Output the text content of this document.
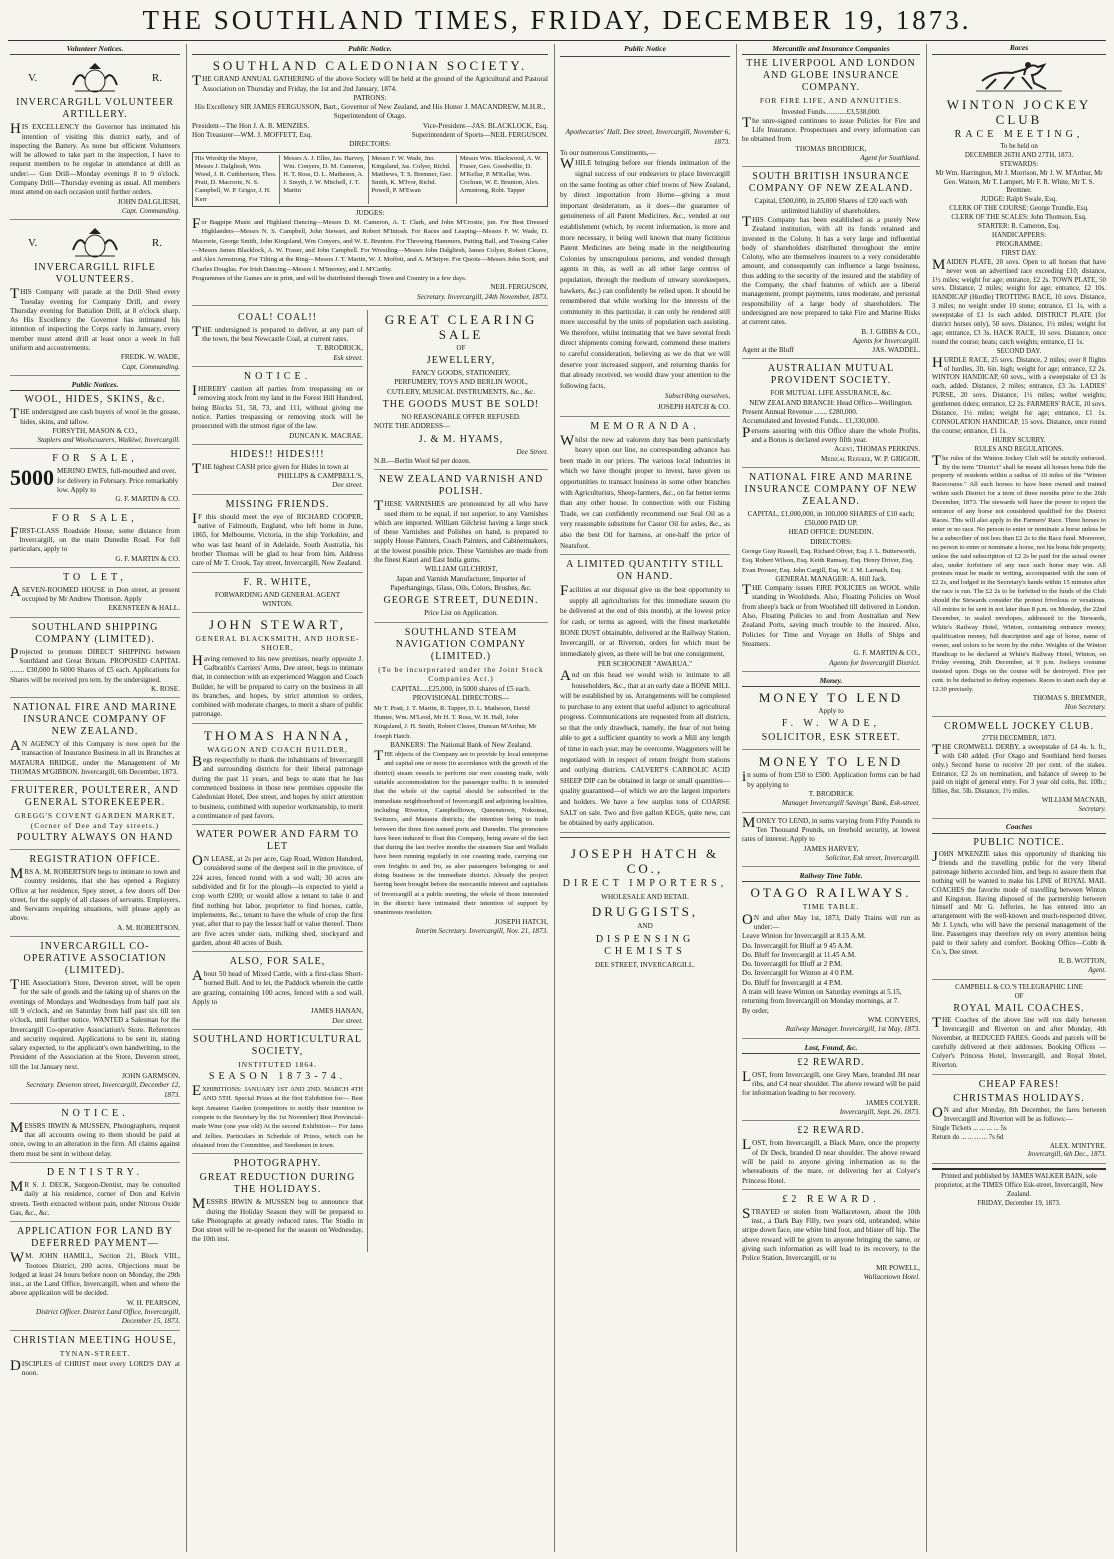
THE SOUTHLAND TIMES, FRIDAY, DECEMBER 19, 1873.
Volunteer Notices.
V.	R.
INVERCARGILL VOLUNTEER ARTILLERY.
HIS EXCELLENCY the Governor has intimated his intention of visiting this district early, and of inspecting the Battery. As none but efficient Volunteers will be allowed to take part in the inspection, I have to request members to be regular in attendance at drill as under:— Gun Drill—Monday evenings 8 to 9 o'clock. Company Drill—Thursday evening as usual. All members must attend on each occasion until further orders.
JOHN DALGLIESH,
Capt. Commanding.
V.	R.
INVERCARGILL RIFLE VOLUNTEERS.
THIS Company will parade at the Drill Shed every Tuesday evening for Company Drill, and every Thursday evening for Battalion Drill, at 8 o'clock sharp. As His Excellency the Governor has intimated his intention of inspecting the Corps early in January, every member must attend drill at least once a week in full uniform and accoutrements.
FREDK. W. WADE,
Capt. Commanding.
Public Notices.
WOOL, HIDES, SKINS, &c.
THE undersigned are cash buyers of wool in the grease, hides, skins, and tallow.
FORSYTH, MASON & CO.,
Staplers and Woolscourers, Waikiwi, Invercargill.
FOR SALE,
5000 MERINO EWES, full-mouthed and over, for delivery in February. Price remarkably low. Apply to
G. F. MARTIN & CO.
FOR SALE,
FIRST-CLASS Roadside House, some distance from Invercargill, on the main Dunedin Road. For full particulars, apply to
G. F. MARTIN & CO.
TO LET,
ASEVEN-ROOMED HOUSE in Don street, at present occupied by Mr Andrew Thomson. Apply
EKENSTEEN & HALL.
SOUTHLAND SHIPPING COMPANY (LIMITED).
Projected to promote DIRECT SHIPPING between Southland and Great Britain. PROPOSED CAPITAL ........ £30,000 In 6000 Shares of £5 each. Applications for Shares will be received pro tem. by the undersigned.
K. ROSE.
NATIONAL FIRE AND MARINE INSURANCE COMPANY OF NEW ZEALAND.
AN AGENCY of this Company is now open for the transaction of Insurance Business in all its Branches at MATAURA BRIDGE, under the Management of Mr THOMAS M'GIBBON. Invercargill, 6th December, 1873.
FRUITERER, POULTERER, AND GENERAL STOREKEEPER.
GREGG'S COVENT GARDEN MARKET, (Corner of Dee and Tay streets.)
POULTRY ALWAYS ON HAND
REGISTRATION OFFICE.
MRS A. M. ROBERTSON begs to intimate to town and country residents, that she has opened a Registry Office at her residence, Spey street, a few doors off Dee street, for the supply of all classes of servants. Employers, and Servants requiring situations, will please apply as above.
A. M. ROBERTSON.
INVERCARGILL CO-OPERATIVE ASSOCIATION (LIMITED).
THE Association's Store, Deveron street, will be open for the sale of goods and the taking up of shares on the evenings of Mondays and Wednesdays from half past six till 9 o'clock, and on Saturday from half past six till ten o'clock, until further notice. WANTED a Salesman for the Invercargill Co-operative Association's Store. References and security required. Applications to be sent in, stating salary expected, to the applicant's own handwriting, to the President of the Association at the Store, Deveron street, till the 1st January next.
JOHN GARMSON,
Secretary. Deveron street, Invercargill, December 12, 1873.
NOTICE.
MESSRS IRWIN & MUSSEN, Photographers, request that all accounts owing to them should be paid at once, owing to an alteration in the firm. All claims against them must be sent in without delay.
DENTISTRY.
MR S. J. DECK, Surgeon-Dentist, may be consulted daily at his residence, corner of Don and Kelvin streets. Teeth extracted without pain, under Nitrous Oxide Gas, &c., &c.
APPLICATION FOR LAND BY DEFERRED PAYMENT—
WM. JOHN HAMILL, Section 21, Block VIII., Tootoes District, 200 acres. Objections must be lodged at least 24 hours before noon on Monday, the 29th inst., at the Land Office, Invercargill, when and where the above application will be decided.
W. H. PEARSON,
District Officer. District Land Office, Invercargill, December 15, 1873.
CHRISTIAN MEETING HOUSE,
TYNAN-STREET.
DISCIPLES of CHRIST meet every LORD'S DAY at noon.
Public Notice.
SOUTHLAND CALEDONIAN SOCIETY.
THE GRAND ANNUAL GATHERING of the above Society will be held at the ground of the Agricultural and Pastoral Association on Thursday and Friday, the 1st and 2nd January, 1874.
PATRONS:
His Excellency SIR JAMES FERGUSSON, Bart., Governor of New Zealand, and His Honor J. MACANDREW, M.H.R., Superintendent of Otago.
President—The Hon J. A. R. MENZIES.	Vice-President—JAS. BLACKLOCK, Esq.
Hon Treasurer—WM. J. MOFFETT, Esq.	Superintendent of Sports—NEIL FERGUSON.
DIRECTORS:
His Worship the Mayor, Messrs J. Dalgliesh, Wm. Wood, J. R. Cuthbertson, Thos. Pratt, D. Macrorie, N. S. Campbell, W. P. Grigor, J. H. Kerr
Messrs A. J. Elles, Jas. Harvey, Wm. Conyers, D. M. Cameron, H. T. Ross, D. L. Matheson, A. J. Smyth, J. W. Mitchell, J. T. Martin
Messrs F. W. Wade, Jno. Kingsland, Jas. Colyer, Richd. Matthews, T. S. Bremner, Geo. Smith, K. M'Ivor, Richd. Powell, P. M'Ewan
Messrs Wm. Blackwood, A. W. Fraser, Geo. Goodwillie, D. M'Kellar, P. M'Kellar, Wm. Cochran, W. E. Brunton, Alex. Armstrong, Robt. Tapper
JUDGES:
For Bagpipe Music and Highland Dancing—Messrs D. M. Cameron, A. T. Clark, and John M'Crostie, jun. For Best Dressed Highlanders—Messrs N. S. Campbell, John Stewart, and Robert M'Intosh. For Races and Leaping—Messrs F. W. Wade, D. Macrorie, George Smith, John Kingsland, Wm Conyers, and W. E. Brunton. For Throwing Hammers, Putting Ball, and Tossing Caber—Messrs James Blacklock, A. W. Fraser, and John Campbell. For Wrestling—Messrs John Dalgliesh, James Colyer, Robert Cleave, and Alex Armstrong. For Tilting at the Ring—Messrs J. T. Martin, W. J. Moffett, and A. M'Intyre. For Quoits—Messrs John Scott, and Charles Douglas. For Irish Dancing—Messrs J. M'Inerney, and J. M'Carthy.
Programmes of the Games are in print, and will be distributed through Town and Country in a few days.
NEIL FERGUSON,
Secretary. Invercargill, 24th November, 1873.
COAL! COAL!!
THE undersigned is prepared to deliver, at any part of the town, the best Newcastle Coal, at current rates.
T. BRODRICK,
Esk street.
NOTICE.
IHEREBY caution all parties from trespassing on or removing stock from my land in the Forest Hill Hundred, being Blocks 51, 58, 73, and 111, without giving me notice. Parties trespassing or removing stock will be prosecuted with the utmost rigor of the law.
DUNCAN K. MACRAE.
HIDES!! HIDES!!!
THE highest CASH price given for Hides in town at
PHILLIPS & CAMPBELL'S,
Dee street.
MISSING FRIENDS.
IF this should meet the eye of RICHARD COOPER, native of Falmouth, England, who left home in June, 1865, for Melbourne, Victoria, in the ship Yorkshire, and who was last heard of in Adelaide, South Australia, his brother Thomas will be glad to hear from him. Address care of Mr T. Crook, Tay street, Invercargill, New Zealand.
F. R. WHITE,
FORWARDING AND GENERAL AGENT
WINTON.
JOHN STEWART,
GENERAL BLACKSMITH, AND HORSE-SHOER,
Having removed to his new premises, nearly opposite J. Galbraith's Carriers' Arms, Dee street, begs to intimate that, in connection with an experienced Waggon and Coach Builder, he will be prepared to carry on the business in all its branches, and hopes, by strict attention to orders, combined with moderate charges, to merit a share of public patronage.
THOMAS HANNA,
WAGGON AND COACH BUILDER,
Begs respectfully to thank the inhabitants of Invercargill and surrounding districts for their liberal patronage during the past 11 years, and begs to state that he has commenced business in those new premises opposite the Caledonian Hotel, Dee street, and hopes by strict attention to business, combined with superior workmanship, to merit a continuance of past favors.
WATER POWER AND FARM TO LET
ON LEASE, at 2s per acre, Gap Road, Winton Hundred, considered some of the deepest soil in the province, of 224 acres, fenced round with a sod wall; 30 acres are subdivided and fit for the plough—is expected to yield a crop worth £200; or would allow a tenant to take it and find nothing but labor, proprietor to find horses, cattle, implements, &c., tenant to have the whole of crop the first year, after that to pay the lessor half or value thereof. There are five acres under oats, milking shed, stockyard and garden, about 40 acres of Bush.
ALSO, FOR SALE,
About 50 head of Mixed Cattle, with a first-class Short-horned Bull. And to let, the Paddock wherein the cattle are grazing, containing 100 acres, fenced with a sod wall. Apply to
JAMES HANAN,
Dee street.
SOUTHLAND HORTICULTURAL SOCIETY,
INSTITUTED 1864.
SEASON 1873-74.
EXHIBITIONS: JANUARY 1ST AND 2ND. MARCH 4TH AND 5TH. Special Prizes at the first Exhibition for— Best kept Amateur Garden (competitors to notify their intention to compete to the Secretary by the 1st November) Best Provincial-made Wine (one year old) At the second Exhibition— For Jams and Jellies. Particulars in Schedule of Prizes, which can be obtained from the Committee, and Seedsmen in town.
PHOTOGRAPHY.
GREAT REDUCTION DURING THE HOLIDAYS.
MESSRS IRWIN & MUSSEN beg to announce that during the Holiday Season they will be prepared to take Photographs at greatly reduced rates. The Studio in Don street will be re-opened for the season on Wednesday, the 10th inst.
GREAT CLEARING SALE
OF
JEWELLERY,
FANCY GOODS, STATIONERY,
PERFUMERY, TOYS AND BERLIN WOOL,
CUTLERY, MUSICAL INSTRUMENTS, &c., &c.
THE GOODS MUST BE SOLD!
NO REASONABLE OFFER REFUSED.
NOTE THE ADDRESS—
J. & M. HYAMS,
Dee Street.
N.B.—Berlin Wool 6d per dozen.
NEW ZEALAND VARNISH AND POLISH.
THESE VARNISHES are pronounced by all who have used them to be equal, if not superior, to any Varnishes which are imported. William Gilchrist having a large stock of these Varnishes and Polishes on hand, is prepared to supply House Painters, Coach Painters, and Cabinetmakers, at the lowest possible price. These Varnishes are made from the finest Kauri and East India gums.
WILLIAM GILCHRIST,
Japan and Varnish Manufacturer, Importer of Paperhangings, Glass, Oils, Colors, Brushes, &c.
GEORGE STREET, DUNEDIN.
Price List on Application.
SOUTHLAND STEAM NAVIGATION COMPANY (LIMITED.)
(To be incorporated under the Joint Stock Companies Act.)
CAPITAL....£25,000, in 5000 shares of £5 each.
PROVISIONAL DIRECTORS—
Mr T. Pratt, J. T. Martin, R. Tapper, D. L. Matheson, David Hunter, Wm. M'Leod, Mr H. T. Ross, W. H. Hall, John Kingsland, J. H. Smith, Robert Cleave, Duncan M'Arthur, Mr Joseph Hatch.
BANKERS: The National Bank of New Zealand.
THE objects of the Company are to provide by local enterprise and capital one or more (in accordance with the growth of the district) steam vessels to perform our own coasting trade, with suitable accommodation for the passenger traffic. It is intended that the whole of the capital should be subscribed in the immediate neighbourhood of Invercargill and adjoining localities, including Riverton, Campbelltown, Queenstown, Nokomai, Switzers, and Mataura districts; the intention being to trade between the three first named ports and Dunedin. The promoters have been induced to float this Company, being aware of the fact that during the last twelve months the steamers Star and Wallabi have been running regularly in our coasting trade, carrying our own freights to and fro, as also passengers belonging to and doing business in the immediate district. Already the project having been brought before the mercantile interest and capitalists of Invercargill at a public meeting, the whole of those interested in the district have intimated their intention of support by unanimous resolution.
JOSEPH HATCH,
Interim Secretary. Invercargill, Nov. 21, 1873.
Public Notice
Apothecaries' Hall, Dee street, Invercargill, November 6, 1873.
To our numerous Constituents,—
WHILE bringing before our friends intimation of the signal success of our endeavors to place Invercargill on the same footing as other chief towns of New Zealand, by direct importation from Home—giving a most important desideratum, as it does—the guarantee of genuineness of all Patent Medicines, &c., vended at our establishment (which, by recent information, is more and more necessary, it being well known that many fictitious Patent Medicines are being made in the neighbouring Colonies by unscrupulous persons, and vended through agents in this, as well as all other large centres of population, through the medium of unwary storekeepers, hawkers, &c.) can confidently be relied upon. It should be remembered that while working for the interests of the community in this particular, it can only be rendered still more successful by the units of population each assisting. We therefore, whilst intimating that we have several fresh direct shipments coming forward, commend these matters to careful consideration, believing as we do that we will deserve your increased support, and returning thanks for that already received, we would draw your attention to the following facts,
Subscribing ourselves,
JOSEPH HATCH & CO.
MEMORANDA.
Whilst the new ad valorem duty has been particularly heavy upon our line, no corresponding advance has been made in our prices. The various local industries in which we have thought proper to invest, have given us opportunities to transact business in some other branches with Agriculturists, Sheep-farmers, &c., on far better terms than any other house. In connection with our Fishing Trade, we can confidently recommend our Seal Oil as a very reasonable substitute for Castor Oil for axles, &c., as also the best Oil for harness, at one-half the price of Neatsfoot.
A LIMITED QUANTITY STILL ON HAND.
Facilities at our disposal give us the best opportunity to supply all agriculturists for this immediate season (to be delivered at the end of this month), at the lowest price for cash, or terms as agreed, with the finest marketable BONE DUST obtainable, delivered at the Railway Station, Invercargill, or at Riverton, orders for which must be immediately given, as there will be but one consignment,
PER SCHOONER "AWARUA."
And on this head we would wish to intimate to all householders, &c., that at an early date a BONE MILL will be established by us. Arrangements will be completed to purchase to any extent that useful adjunct to agricultural progress. Communications are requested from all districts, so that the only drawback, namely, the fear of not being able to get a sufficient quantity to work a Mill any length of time in each year, may be overcome. Waggoners will be negotiated with in respect of return freight from stations and outlying districts. CALVERT'S CARBOLIC ACID SHEEP DIP can be obtained in large or small quantities—quality guaranteed—of which we are the largest importers and holders. We have a few surplus tons of COARSE SALT on sale. Two and five gallon KEGS, quite new, can be obtained by early application.
JOSEPH HATCH & CO.,
DIRECT IMPORTERS,
WHOLESALE AND RETAIL
DRUGGISTS,
AND
DISPENSING CHEMISTS
DEE STREET, INVERCARGILL.
Mercantile and Insurance Companies
THE LIVERPOOL AND LONDON AND GLOBE INSURANCE COMPANY.
FOR FIRE LIFE, AND ANNUITIES.
Invested Funds............£3,538,000.
The unre-signed continues to issue Policies for Fire and Life Insurance. Prospectuses and every information can be obtained from
THOMAS BRODRICK,
Agent for Southland.
SOUTH BRITISH INSURANCE COMPANY OF NEW ZEALAND.
Capital, £500,000, in 25,000 Shares of £20 each with unlimited liability of shareholders.
THIS Company has been established as a purely New Zealand institution, with all its funds retained and invested in the Colony. It has a very large and influential body of shareholders distributed throughout the entire Colony, who are themselves insurers to a very considerable amount, and consequently can influence a large business, thus adding to the security of the insured and the stability of the Company, the chief features of which are a liberal management, prompt payments, rates moderate, and personal responsibility of a large body of shareholders. The undersigned are now prepared to take Fire and Marine Risks at current rates.
B. J. GIBBS & CO.,
Agents for Invercargill.
Agent at the Bluff	JAS. WADDEL.
AUSTRALIAN MUTUAL PROVIDENT SOCIETY.
FOR MUTUAL LIFE ASSURANCE, &c.
NEW ZEALAND BRANCH: Head Office—Wellington.
Present Annual Revenue ....... £280,000.
Accumulated and Invested Funds... £1,330,000.
Persons assuring with this Office share the whole Profits, and a Bonus is declared every fifth year.
Agent, THOMAS PERKINS.
Medical Referee, W. P. GRIGOR.
NATIONAL FIRE AND MARINE INSURANCE COMPANY OF NEW ZEALAND.
CAPITAL, £1,000,000, in 100,000 SHARES of £10 each; £50,000 PAID UP.
HEAD OFFICE: DUNEDIN.
DIRECTORS:
George Gray Russell, Esq. Richard Oliver, Esq. J. L. Butterworth, Esq. Robert Wilson, Esq. Keith Ramsay, Esq. Henry Driver, Esq. Evan Prosser, Esq. John Cargill, Esq. W. J. M. Larnach, Esq.
GENERAL MANAGER: A. Hill Jack.
THE Company issues FIRE POLICIES on WOOL while standing in Woolsheds. Also, Floating Policies on Wool from sheep's back or from Woolshed till delivered in London. Also, Floating Policies to and from Australian and New Zealand Ports, saving much trouble to the insured. Also, Policies for Time and Voyage on Hulls of Ships and Steamers.
G. F. MARTIN & CO.,
Agents for Invercargill District.
Money.
MONEY TO LEND
Apply to
F. W. WADE,
SOLICITOR, ESK STREET.
MONEY TO LEND
in sums of from £50 to £500. Application forms can be had by applying to
T. BRODRICK
Manager Invercargill Savings' Bank, Esk-street.
MONEY TO LEND, in sums varying from Fifty Pounds to Ten Thousand Pounds, on freehold security, at lowest rates of interest. Apply to
JAMES HARVEY,
Solicitor, Esk street, Invercargill.
Railway Time Table.
OTAGO RAILWAYS.
TIME TABLE.
ON and after May 1st, 1873, Daily Trains will run as under:—
Leave Winton for Invercargill at 8.15 A.M.
Do. Invercargill for Bluff at 9 45 A.M.
Do. Bluff for Invercargill at 11.45 A.M.
Do. Invercargill for Bluff at 2 P.M.
Do. Invercargill for Winton at 4 0 P.M.
Do. Bluff for Invercargill at 4 P.M.
A train will leave Winton on Saturday evenings at 5.15, returning from Invercargill on Monday mornings, at 7.
By order,
WM. CONYERS,
Railway Manager. Invercargill, 1st May, 1873.
Lost, Found, &c.
£2 REWARD.
LOST, from Invercargill, one Grey Mare, branded JH near ribs, and C4 near shoulder. The above reward will be paid for information leading to her recovery.
JAMES COLYER.
Invercargill, Sept. 26, 1873.
£2 REWARD.
LOST, from Invercargill, a Black Mare, once the property of Dr Deck, branded D near shoulder. The above reward will be paid to anyone giving information as to the whereabouts of the mare, or delivering her at Colyer's Princess Hotel.
£2 REWARD.
STRAYED or stolen from Wallacetown, about the 10th inst., a Dark Bay Filly, two years old, unbranded, white stripe down face, one white hind foot, and blister off hip. The above reward will be given to anyone bringing the same, or giving such information as will lead to its recovery, to the Police Station, Invercargill, or to
MR POWELL,
Wallacetown Hotel.
Races
WINTON JOCKEY CLUB
RACE MEETING,
To be held on
DECEMBER 26TH AND 27TH, 1873.
STEWARDS:
Mr Wm. Harrington, Mr J. Morrison, Mr J. W. M'Arthur, Mr Geo. Watson, Mr T. Lampert, Mr F. R. White, Mr T. S. Bremner.
JUDGE: Ralph Swale, Esq.
CLERK OF THE COURSE: George Trundle, Esq.
CLERK OF THE SCALES: John Thomson, Esq.
STARTER: R. Cameron, Esq.
HANDICAPPERS:
PROGRAMME:
FIRST DAY.
MAIDEN PLATE, 20 sovs. Open to all horses that have never won an advertised race exceeding £10; distance, 1½ miles; weight for age; entrance, £2 2s. TOWN PLATE, 50 sovs. Distance, 2 miles; weight for age; entrance, £2 10s. HANDICAP (Hurdle) TROTTING RACE, 10 sovs. Distance, 3 miles; no weight under 10 stone; entrance, £1 1s, with a sweepstake of £1 1s each added. DISTRICT PLATE (for district horses only), 50 sovs. Distance, 1½ miles; weight for age; entrance, £3 3s. HACK RACE, 10 sovs. Distance, once round the course; heats; catch weights; entrance, £1 1s.
SECOND DAY.
HURDLE RACE, 25 sovs. Distance, 2 miles; over 8 flights of hurdles, 3ft. 6in. high; weight for age; entrance, £2 2s. WINTON HANDICAP, 60 sovs., with a sweepstake of £3 3s each, added. Distance, 2 miles; entrance, £3 3s. LADIES' PURSE, 20 sovs. Distance, 1½ miles; welter weights; gentlemen riders; entrance, £2 2s. FARMERS' RACE, 10 sovs. Distance, 1½ miles; weight for age; entrance, £1 1s. CONSOLATION HANDICAP, 15 sovs. Distance, once round the course; entrance, £1 1s.
HURRY SCURRY.
RULES AND REGULATIONS.
The rules of the Winton Jockey Club will be strictly enforced. By the term "District" shall be meant all horses bona fide the property of residents within a radius of 10 miles of the "Winton Racecourse." All such horses to have been owned and trained within such District for a term of three months prior to the 26th December, 1873. The stewards will have the power to reject the entrance of any horse not considered qualified for the District Races. This will also apply to the Farmers' Race. Three horses to enter or no race. No person to enter or nominate a horse unless he be a subscriber of not less than £2 2s to the Race fund. Moreover, no person to enter or nominate a horse, not his bona fide property, unless the said subscription of £2 2s be paid for the actual owner also, under forfeiture of any race such horse may win. All protests must be made in writing, accompanied with the sum of £2 2s, and lodged in the Secretary's hands within 15 minutes after the race is run. The £2 2s to be forfeited to the funds of the Club should the Stewards consider the protest frivolous or vexatious. All entries to be sent in not later than 8 p.m. on Monday, the 22nd December, in sealed envelopes, addressed to the Stewards, White's Railway Hotel, Winton, containing entrance money, qualification money, full description and age of horse, name of owner, and colors to be worn by the rider. Weights of the Winton Handicap to be declared at White's Railway Hotel, Winton, on Friday evening, 26th December, at 9 p.m. Jockeys costume insisted upon. Dogs on the course will be destroyed. Five per cent. to be deducted to defray expenses. Races to start each day at 12.30 precisely.
THOMAS S. BREMNER,
Hon Secretary.
CROMWELL JOCKEY CLUB.
27TH DECEMBER, 1873.
THE CROMWELL DERBY, a sweepstake of £4 4s. h. ft., with £40 added. (For Otago and Southland bred horses only.) Second horse to receive 20 per cent. of the stakes. Entrance, £2 2s on nomination, and balance of sweep to be paid on night of general entry. For 3 year old colts, 8st. 10lb.; fillies, 8st. 5lb. Distance, 1½ miles.
WILLIAM MACNAB,
Secretary.
Coaches
PUBLIC NOTICE.
JOHN M'KENZIE takes this opportunity of thanking his friends and the travelling public for the very liberal patronage hitherto accorded him, and begs to assure them that nothing will be wanted to make his LINE of ROYAL MAIL COACHES the favorite mode of travelling between Winton and Kingston. Having disposed of the partnership between himself and Mr G. Jefferies, he has entered into an arrangement with the well-known and much-respected driver, Mr J. Lynch, who will have the personal management of the line. Passengers may therefore rely on every attention being paid to their safety and comfort. Booking Office—Cobb & Co.'s, Dee street.
R. B. WOTTON,
Agent.
CAMPBELL & CO.'S TELEGRAPHIC LINE
OF
ROYAL MAIL COACHES.
THE Coaches of the above line will run daily between Invercargill and Riverton on and after Monday, 4th November, at REDUCED FARES. Goods and parcels will be carefully delivered at their addresses. Booking Offices — Colyer's Princess Hotel, Invercargill, and Royal Hotel, Riverton.
CHEAP FARES!
CHRISTMAS HOLIDAYS.
ON and after Monday, 8th December, the fares between Invercargill and Riverton will be as follows:—
Single Tickets ... ... ... ... 5s
Return do ... ... ... ... 7s 6d
ALEX. M'INTYRE.
Invercargill, 6th Dec., 1873.
Printed and published by JAMES WALKER BAIN, sole proprietor, at the TIMES Office Esk-street, Invercargill, New Zealand.
FRIDAY, December 19, 1873.
